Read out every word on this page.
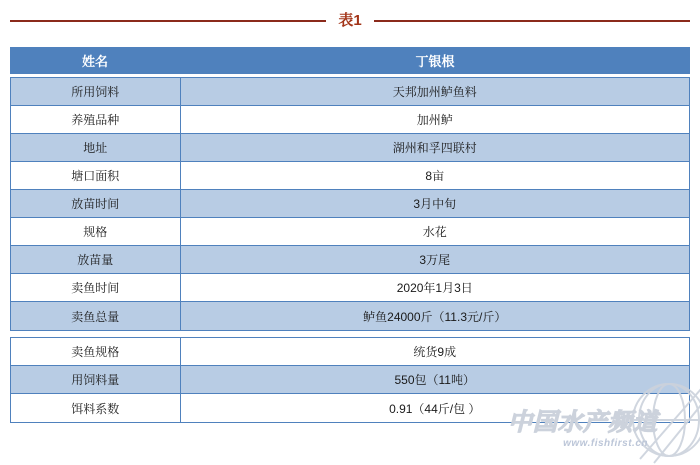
表1
姓名	丁银根
所用饲料	天邦加州鲈鱼料
养殖品种	加州鲈
地址	湖州和孚四联村
塘口面积	8亩
放苗时间	3月中旬
规格	水花
放苗量	3万尾
卖鱼时间	2020年1月3日
卖鱼总量	鲈鱼24000斤（11.3元/斤）
卖鱼规格	统货9成
用饲料量	550包（11吨）
饵料系数	0.91（44斤/包 ）
中国水产频道
www.fishfirst.cn
